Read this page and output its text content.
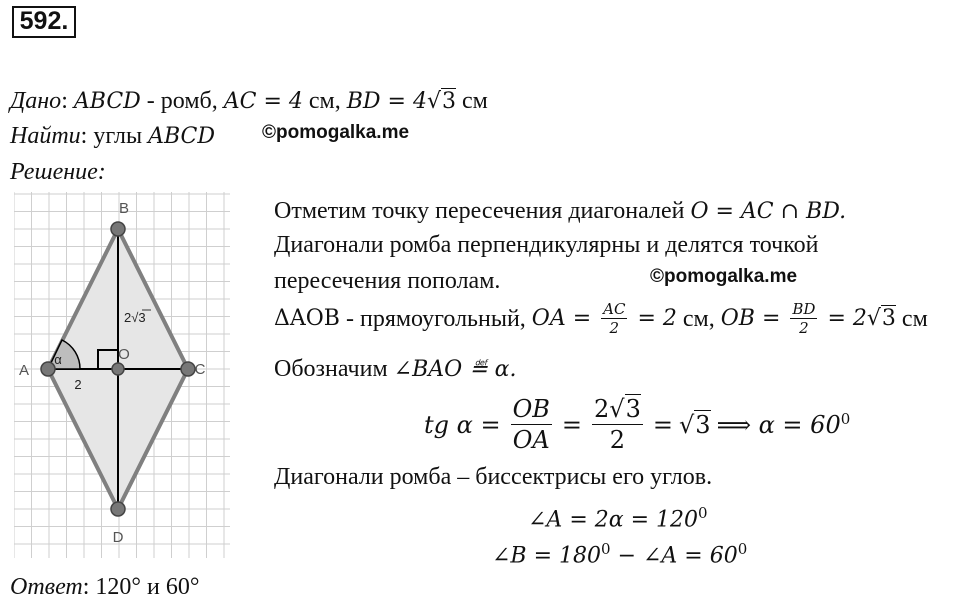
592.
Дано: ABCD - ромб, AC = 4 см, BD = 4√3 см
Найти: углы ABCD ©pomogalka.me
Решение:
A
B
C
D
O
α
2
2√3
Отметим точку пересечения диагоналей O = AC ∩ BD.
Диагонали ромба перпендикулярны и делятся точкой
пересечения пополам.	©pomogalka.me
ΔAOB - прямоугольный, OA = $\frac{AC}{2} = 2$ см, OB = $\frac{BD}{2} = 2√3$ см
Обозначим ∠BAO ≝ α.
tg $\alpha = \frac{OB}{OA} = \frac{2√3}{2} = √3$ ⟹ $\alpha = 60^0$
Диагонали ромба – биссектрисы его углов.
∠A = $2\alpha = 120^0$
∠B = $180^0$ − ∠A = $60^0$
Ответ: 120° и 60°
